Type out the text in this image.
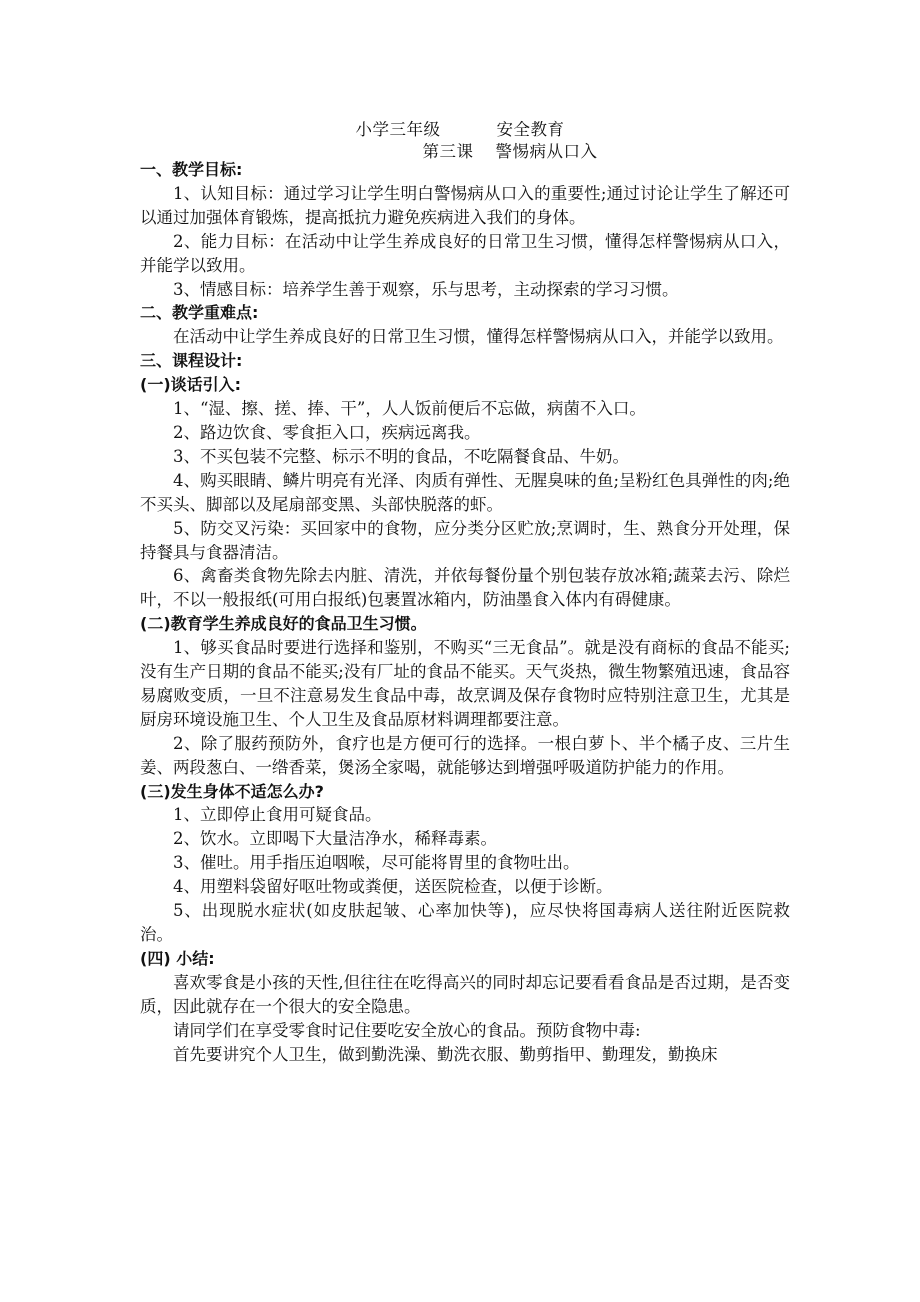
小学三年级	安全教育
第三课 警惕病从口入

一、教学目标:

1、认知目标：通过学习让学生明白警惕病从口入的重要性;通过讨论让学生了解还可以通过加强体育锻炼，提高抵抗力避免疾病进入我们的身体。

2、能力目标：在活动中让学生养成良好的日常卫生习惯，懂得怎样警惕病从口入，并能学以致用。

3、情感目标：培养学生善于观察，乐与思考，主动探索的学习习惯。

二、教学重难点:

在活动中让学生养成良好的日常卫生习惯，懂得怎样警惕病从口入，并能学以致用。

三、课程设计:

(一)谈话引入:

1、“湿、擦、搓、捧、干”，人人饭前便后不忘做，病菌不入口。

2、路边饮食、零食拒入口，疾病远离我。

3、不买包装不完整、标示不明的食品，不吃隔餐食品、牛奶。

4、购买眼睛、鳞片明亮有光泽、肉质有弹性、无腥臭味的鱼;呈粉红色具弹性的肉;绝不买头、脚部以及尾扇部变黑、头部快脱落的虾。

5、防交叉污染：买回家中的食物，应分类分区贮放;烹调时，生、熟食分开处理，保持餐具与食器清洁。

6、禽畜类食物先除去内脏、清洗，并依每餐份量个别包装存放冰箱;蔬菜去污、除烂叶，不以一般报纸(可用白报纸)包裹置冰箱内，防油墨食入体内有碍健康。

(二)教育学生养成良好的食品卫生习惯。

1、够买食品时要进行选择和鉴别，不购买“三无食品”。就是没有商标的食品不能买;没有生产日期的食品不能买;没有厂址的食品不能买。天气炎热，微生物繁殖迅速，食品容易腐败变质，一旦不注意易发生食品中毒，故烹调及保存食物时应特别注意卫生，尤其是厨房环境设施卫生、个人卫生及食品原材料调理都要注意。

2、除了服药预防外，食疗也是方便可行的选择。一根白萝卜、半个橘子皮、三片生姜、两段葱白、一绺香菜，煲汤全家喝，就能够达到增强呼吸道防护能力的作用。

(三)发生身体不适怎么办?

1、立即停止食用可疑食品。

2、饮水。立即喝下大量洁净水，稀释毒素。

3、催吐。用手指压迫咽喉，尽可能将胃里的食物吐出。

4、用塑料袋留好呕吐物或粪便，送医院检查，以便于诊断。

5、出现脱水症状(如皮肤起皱、心率加快等)，应尽快将国毒病人送往附近医院救治。

(四) 小结:

喜欢零食是小孩的天性,但往往在吃得高兴的同时却忘记要看看食品是否过期，是否变质，因此就存在一个很大的安全隐患。

请同学们在享受零食时记住要吃安全放心的食品。预防食物中毒:

首先要讲究个人卫生，做到勤洗澡、勤洗衣服、勤剪指甲、勤理发，勤换床
